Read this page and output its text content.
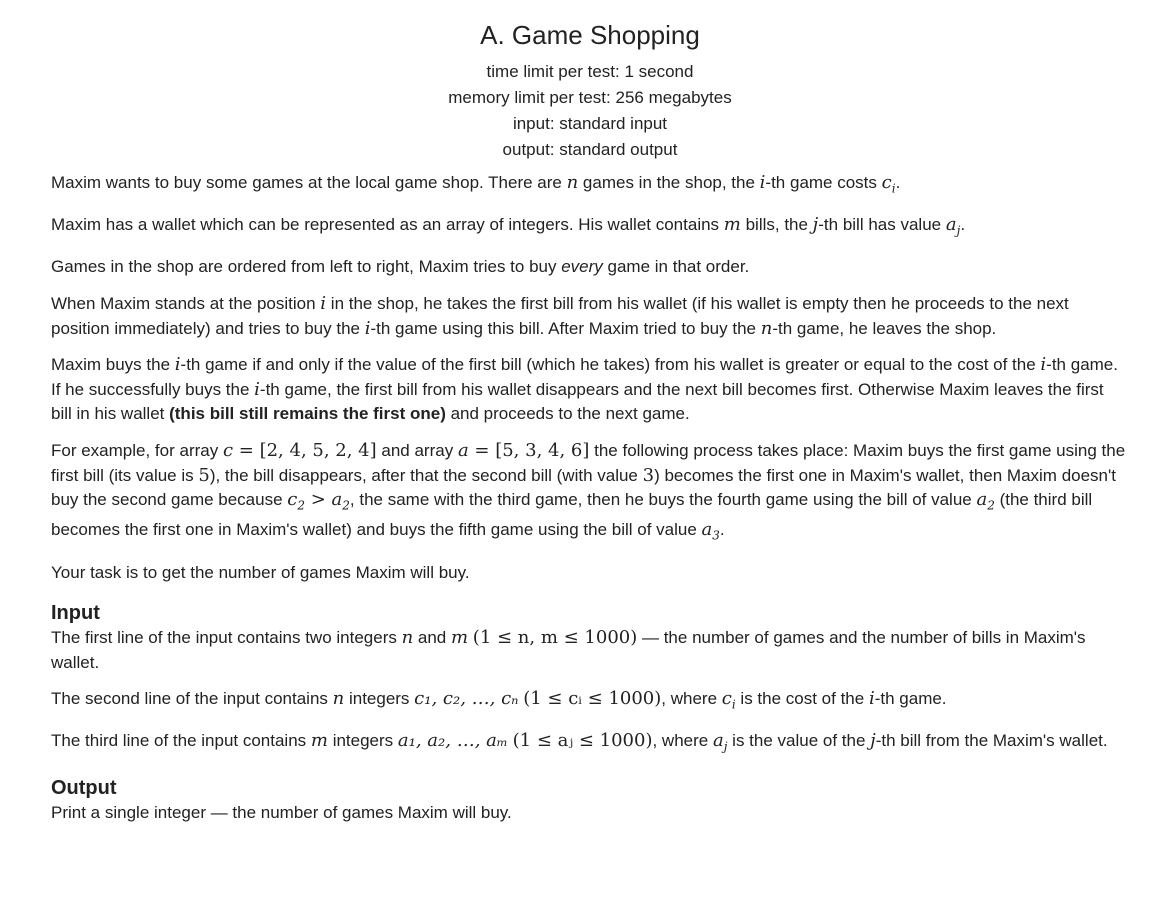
A. Game Shopping
time limit per test: 1 second
memory limit per test: 256 megabytes
input: standard input
output: standard output

Maxim wants to buy some games at the local game shop. There are n games in the shop, the i-th game costs $c_i$.

Maxim has a wallet which can be represented as an array of integers. His wallet contains m bills, the j-th bill has value $a_j$.

Games in the shop are ordered from left to right, Maxim tries to buy every game in that order.

When Maxim stands at the position i in the shop, he takes the first bill from his wallet (if his wallet is empty then he proceeds to the next position immediately) and tries to buy the i-th game using this bill. After Maxim tried to buy the n-th game, he leaves the shop.

Maxim buys the i-th game if and only if the value of the first bill (which he takes) from his wallet is greater or equal to the cost of the i-th game. If he successfully buys the i-th game, the first bill from his wallet disappears and the next bill becomes first. Otherwise Maxim leaves the first bill in his wallet (this bill still remains the first one) and proceeds to the next game.

For example, for array c = [2, 4, 5, 2, 4] and array a = [5, 3, 4, 6] the following process takes place: Maxim buys the first game using the first bill (its value is 5), the bill disappears, after that the second bill (with value 3) becomes the first one in Maxim's wallet, then Maxim doesn't buy the second game because $c_2 > a_2$, the same with the third game, then he buys the fourth game using the bill of value $a_2$ (the third bill becomes the first one in Maxim's wallet) and buys the fifth game using the bill of value $a_3$.

Your task is to get the number of games Maxim will buy.

Input

The first line of the input contains two integers n and m (1 ≤ n, m ≤ 1000) — the number of games and the number of bills in Maxim's wallet.

The second line of the input contains n integers c₁, c₂, …, cₙ (1 ≤ cᵢ ≤ 1000), where $c_i$ is the cost of the i-th game.

The third line of the input contains m integers a₁, a₂, …, aₘ (1 ≤ aⱼ ≤ 1000), where $a_j$ is the value of the j-th bill from the Maxim's wallet.

Output

Print a single integer — the number of games Maxim will buy.
